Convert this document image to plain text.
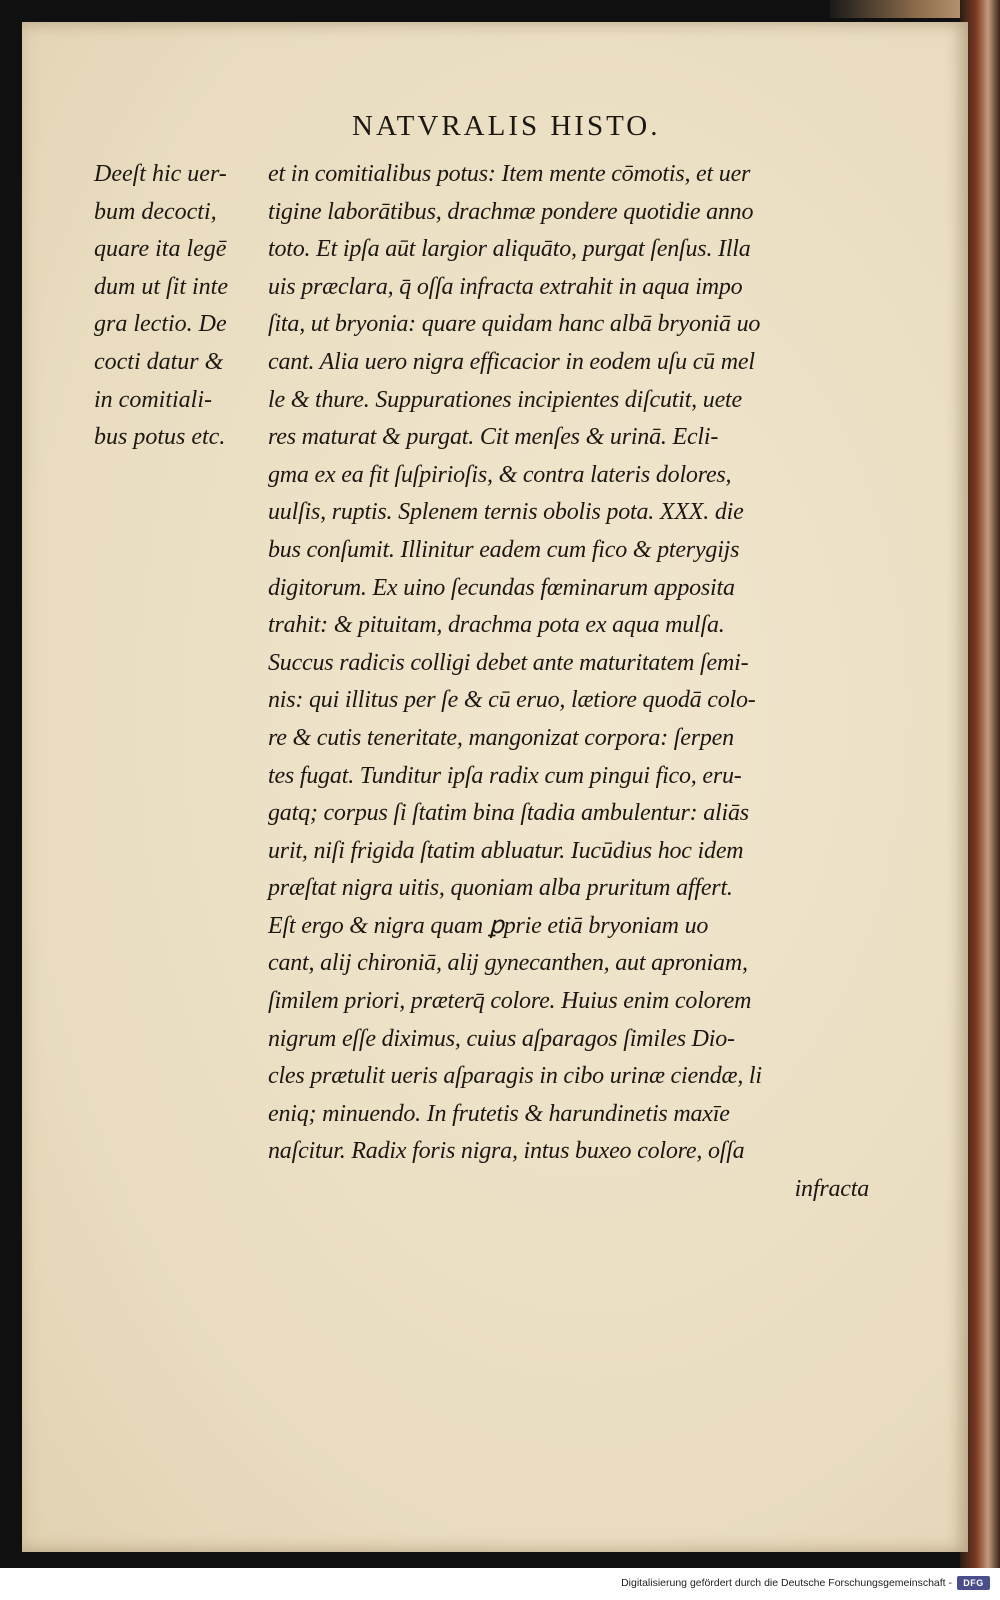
NATVRALIS HISTO.
Deeſt hic uer-
bum decocti,
quare ita legē
dum ut ſit inte
gra lectio. De
cocti datur &
in comitiali-
bus potus etc.
et in comitialibus potus: Item mente cōmotis, et uer
tigine laborātibus, drachmæ pondere quotidie anno
toto. Et ipſa aūt largior aliquāto, purgat ſenſus. Illa
uis præclara, q̄ oſſa infracta extrahit in aqua impo
ſita, ut bryonia: quare quidam hanc albā bryoniā uo
cant. Alia uero nigra efficacior in eodem uſu cū mel
le & thure. Suppurationes incipientes diſcutit, uete
res maturat & purgat. Cit menſes & urinā. Ecli-
gma ex ea fit ſuſpirioſis, & contra lateris dolores,
uulſis, ruptis. Splenem ternis obolis pota. XXX. die
bus conſumit. Illinitur eadem cum fico & pterygijs
digitorum. Ex uino ſecundas fœminarum apposita
trahit: & pituitam, drachma pota ex aqua mulſa.
Succus radicis colligi debet ante maturitatem ſemi-
nis: qui illitus per ſe & cū eruo, lætiore quodā colo-
re & cutis teneritate, mangonizat corpora: ſerpen
tes fugat. Tunditur ipſa radix cum pingui fico, eru-
gatq; corpus ſi ſtatim bina ſtadia ambulentur: aliās
urit, niſi frigida ſtatim abluatur. Iucūdius hoc idem
præſtat nigra uitis, quoniam alba pruritum affert.
Eſt ergo & nigra quam ꝑprie etiā bryoniam uo
cant, alij chironiā, alij gynecanthen, aut aproniam,
ſimilem priori, præterq̄ colore. Huius enim colorem
nigrum eſſe diximus, cuius aſparagos ſimiles Dio-
cles prætulit ueris aſparagis in cibo urinæ ciendæ, li
eniq; minuendo. In frutetis & harundinetis maxīe
naſcitur. Radix foris nigra, intus buxeo colore, oſſa
infracta
Digitalisierung gefördert durch die Deutsche Forschungsgemeinschaft -	DFG
